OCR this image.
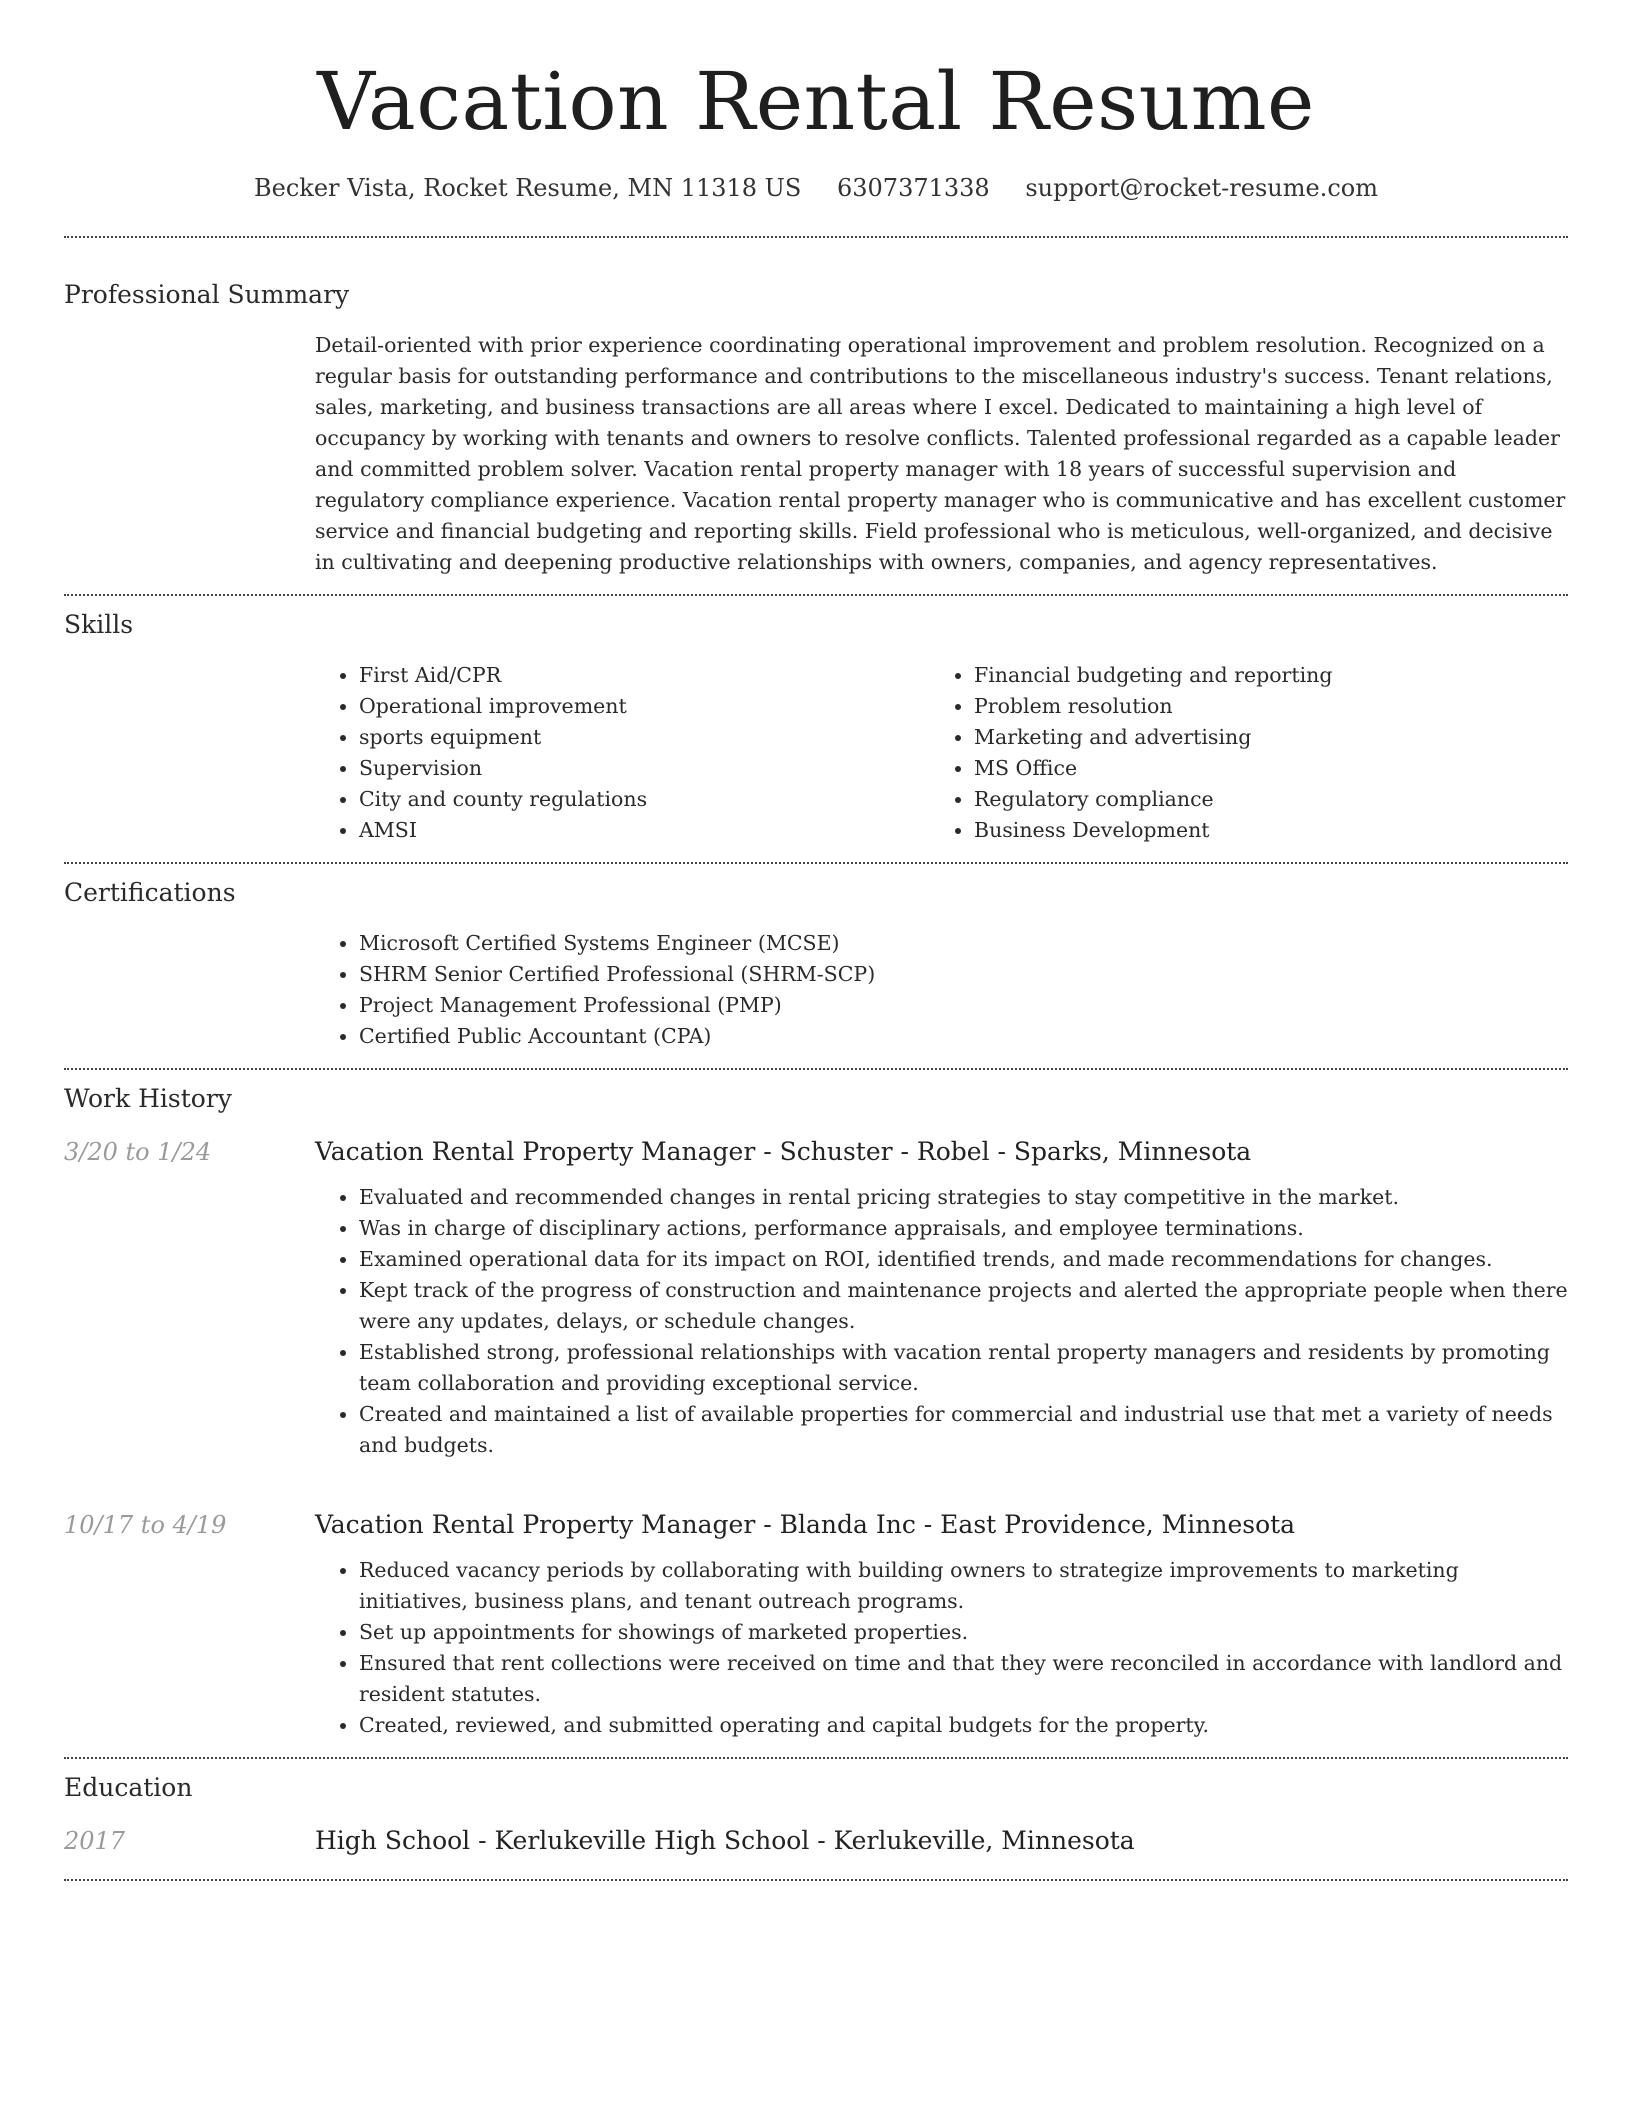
Vacation Rental Resume
Becker Vista, Rocket Resume, MN 11318 US 6307371338 support@rocket-resume.com
Professional Summary
Detail-oriented with prior experience coordinating operational improvement and problem resolution. Recognized on a regular basis for outstanding performance and contributions to the miscellaneous industry's success. Tenant relations, sales, marketing, and business transactions are all areas where I excel. Dedicated to maintaining a high level of occupancy by working with tenants and owners to resolve conflicts. Talented professional regarded as a capable leader and committed problem solver. Vacation rental property manager with 18 years of successful supervision and regulatory compliance experience. Vacation rental property manager who is communicative and has excellent customer service and financial budgeting and reporting skills. Field professional who is meticulous, well-organized, and decisive in cultivating and deepening productive relationships with owners, companies, and agency representatives.
Skills
• First Aid/CPR
• Operational improvement
• sports equipment
• Supervision
• City and county regulations
• AMSI
• Financial budgeting and reporting
• Problem resolution
• Marketing and advertising
• MS Office
• Regulatory compliance
• Business Development
Certifications
• Microsoft Certified Systems Engineer (MCSE)
• SHRM Senior Certified Professional (SHRM-SCP)
• Project Management Professional (PMP)
• Certified Public Accountant (CPA)
Work History
3/20 to 1/24	Vacation Rental Property Manager - Schuster - Robel - Sparks, Minnesota
• Evaluated and recommended changes in rental pricing strategies to stay competitive in the market.
• Was in charge of disciplinary actions, performance appraisals, and employee terminations.
• Examined operational data for its impact on ROI, identified trends, and made recommendations for changes.
• Kept track of the progress of construction and maintenance projects and alerted the appropriate people when there were any updates, delays, or schedule changes.
• Established strong, professional relationships with vacation rental property managers and residents by promoting team collaboration and providing exceptional service.
• Created and maintained a list of available properties for commercial and industrial use that met a variety of needs and budgets.
10/17 to 4/19	Vacation Rental Property Manager - Blanda Inc - East Providence, Minnesota
• Reduced vacancy periods by collaborating with building owners to strategize improvements to marketing initiatives, business plans, and tenant outreach programs.
• Set up appointments for showings of marketed properties.
• Ensured that rent collections were received on time and that they were reconciled in accordance with landlord and resident statutes.
• Created, reviewed, and submitted operating and capital budgets for the property.
Education
2017	High School - Kerlukeville High School - Kerlukeville, Minnesota
